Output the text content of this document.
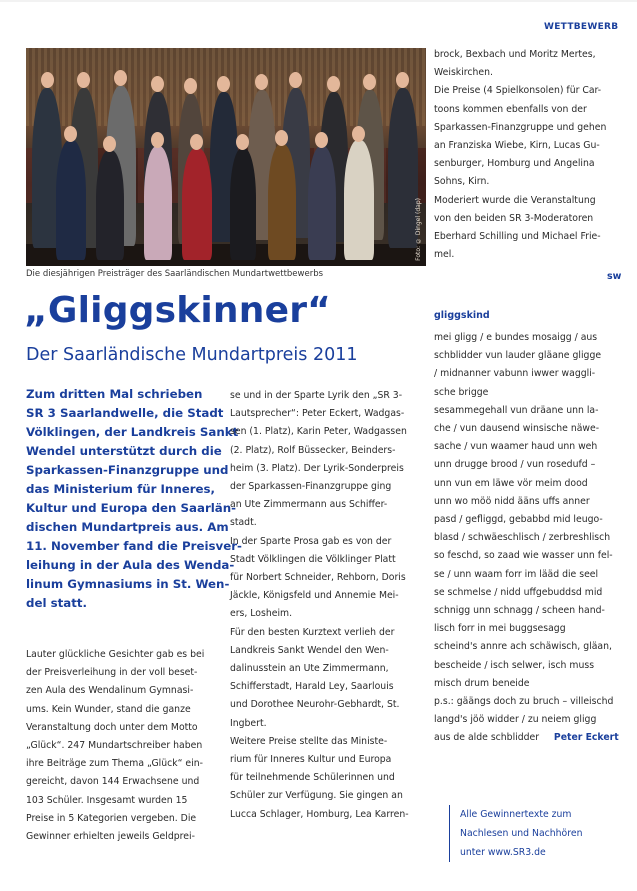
WETTBEWERB
Foto: © Dingel (dap)
Die diesjährigen Preisträger des Saarländischen Mundartwettbewerbs
„Gliggskinner“
Der Saarländische Mundartpreis 2011
Zum dritten Mal schrieben
SR 3 Saarlandwelle, die Stadt
Völklingen, der Landkreis Sankt
Wendel unterstützt durch die
Sparkassen-Finanzgruppe und
das Ministerium für Inneres,
Kultur und Europa den Saarlän-
dischen Mundartpreis aus. Am
11. November fand die Preisver-
leihung in der Aula des Wenda-
linum Gymnasiums in St. Wen-
del statt.
Lauter glückliche Gesichter gab es bei
der Preisverleihung in der voll beset-
zen Aula des Wendalinum Gymnasi-
ums. Kein Wunder, stand die ganze
Veranstaltung doch unter dem Motto
„Glück“. 247 Mundartschreiber haben
ihre Beiträge zum Thema „Glück“ ein-
gereicht, davon 144 Erwachsene und
103 Schüler. Insgesamt wurden 15
Preise in 5 Kategorien vergeben. Die
Gewinner erhielten jeweils Geldprei-
se und in der Sparte Lyrik den „SR 3-
Lautsprecher“: Peter Eckert, Wadgas-
sen (1. Platz), Karin Peter, Wadgassen
(2. Platz), Rolf Büssecker, Beinders-
heim (3. Platz). Der Lyrik-Sonderpreis
der Sparkassen-Finanzgruppe ging
an Ute Zimmermann aus Schiffer-
stadt.
In der Sparte Prosa gab es von der
Stadt Völklingen die Völklinger Platt
für Norbert Schneider, Rehborn, Doris
Jäckle, Königsfeld und Annemie Mei-
ers, Losheim.
Für den besten Kurztext verlieh der
Landkreis Sankt Wendel den Wen-
dalinusstein an Ute Zimmermann,
Schifferstadt, Harald Ley, Saarlouis
und Dorothee Neurohr-Gebhardt, St.
Ingbert.
Weitere Preise stellte das Ministe-
rium für Inneres Kultur und Europa
für teilnehmende Schülerinnen und
Schüler zur Verfügung. Sie gingen an
Lucca Schlager, Homburg, Lea Karren-
brock, Bexbach und Moritz Mertes,
Weiskirchen.
Die Preise (4 Spielkonsolen) für Car-
toons kommen ebenfalls von der
Sparkassen-Finanzgruppe und gehen
an Franziska Wiebe, Kirn, Lucas Gu-
senburger, Homburg und Angelina
Sohns, Kirn.
Moderiert wurde die Veranstaltung
von den beiden SR 3-Moderatoren
Eberhard Schilling und Michael Frie-
mel.
sw
gliggskind
mei gligg / e bundes mosaigg / aus
schblidder vun lauder gläane gligge
/ midnanner vabunn iwwer waggli-
sche brigge
sesammegehall vun dräane unn la-
che / vun dausend winsische näwe-
sache / vun waamer haud unn weh
unn drugge brood / vun rosedufd –
unn vun em läwe vör meim dood
unn wo möö nidd ääns uffs anner
pasd / gefliggd, gebabbd mid leugo-
blasd / schwäeschlisch / zerbreshlisch
so feschd, so zaad wie wasser unn fel-
se / unn waam forr im lääd die seel
se schmelse / nidd uffgebuddsd mid
schnigg unn schnagg / scheen hand-
lisch forr in mei buggsesagg
scheind's annre ach schäwisch, gläan,
bescheide / isch selwer, isch muss
misch drum beneide
p.s.: gäängs doch zu bruch – villeischd
langd's jöö widder / zu neiem gligg
aus de alde schblidder Peter Eckert
Alle Gewinnertexte zum
Nachlesen und Nachhören
unter www.SR3.de
